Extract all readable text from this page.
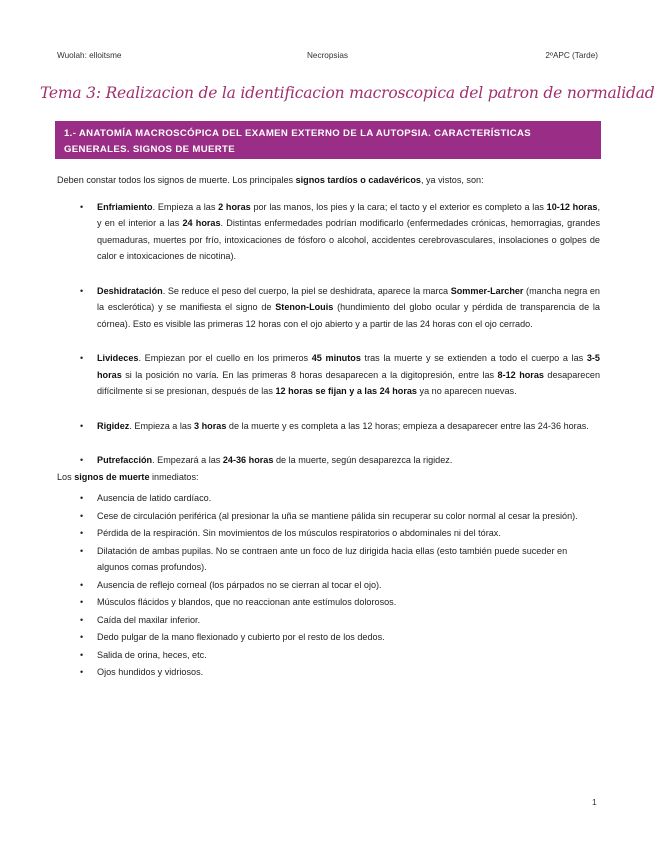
Wuolah: elloitsme	Necropsias	2ºAPC (Tarde)
Tema 3: Realizacion de la identificacion macroscopica del patron de normalidad

1.- ANATOMÍA MACROSCÓPICA DEL EXAMEN EXTERNO DE LA AUTOPSIA. CARACTERÍSTICAS

GENERALES. SIGNOS DE MUERTE

Deben constar todos los signos de muerte. Los principales signos tardíos o cadavéricos, ya vistos, son:

• Enfriamiento. Empieza a las 2 horas por las manos, los pies y la cara; el tacto y el exterior es completo a las 10-12 horas, y en el interior a las 24 horas. Distintas enfermedades podrían modificarlo (enfermedades crónicas, hemorragias, grandes quemaduras, muertes por frío, intoxicaciones de fósforo o alcohol, accidentes cerebrovasculares, insolaciones o golpes de calor e intoxicaciones de nicotina).
• Deshidratación. Se reduce el peso del cuerpo, la piel se deshidrata, aparece la marca Sommer-Larcher (mancha negra en la esclerótica) y se manifiesta el signo de Stenon-Louis (hundimiento del globo ocular y pérdida de transparencia de la córnea). Esto es visible las primeras 12 horas con el ojo abierto y a partir de las 24 horas con el ojo cerrado.
• Livideces. Empiezan por el cuello en los primeros 45 minutos tras la muerte y se extienden a todo el cuerpo a las 3-5 horas si la posición no varía. En las primeras 8 horas desaparecen a la digitopresión, entre las 8-12 horas desaparecen difícilmente si se presionan, después de las 12 horas se fijan y a las 24 horas ya no aparecen nuevas.
• Rigidez. Empieza a las 3 horas de la muerte y es completa a las 12 horas; empieza a desaparecer entre las 24-36 horas.
• Putrefacción. Empezará a las 24-36 horas de la muerte, según desaparezca la rigidez.

Los signos de muerte inmediatos:

• Ausencia de latido cardíaco.
• Cese de circulación periférica (al presionar la uña se mantiene pálida sin recuperar su color normal al cesar la presión).
• Pérdida de la respiración. Sin movimientos de los músculos respiratorios o abdominales ni del tórax.
• Dilatación de ambas pupilas. No se contraen ante un foco de luz dirigida hacia ellas (esto también puede suceder en algunos comas profundos).
• Ausencia de reflejo corneal (los párpados no se cierran al tocar el ojo).
• Músculos flácidos y blandos, que no reaccionan ante estímulos dolorosos.
• Caída del maxilar inferior.
• Dedo pulgar de la mano flexionado y cubierto por el resto de los dedos.
• Salida de orina, heces, etc.
• Ojos hundidos y vidriosos.
1
